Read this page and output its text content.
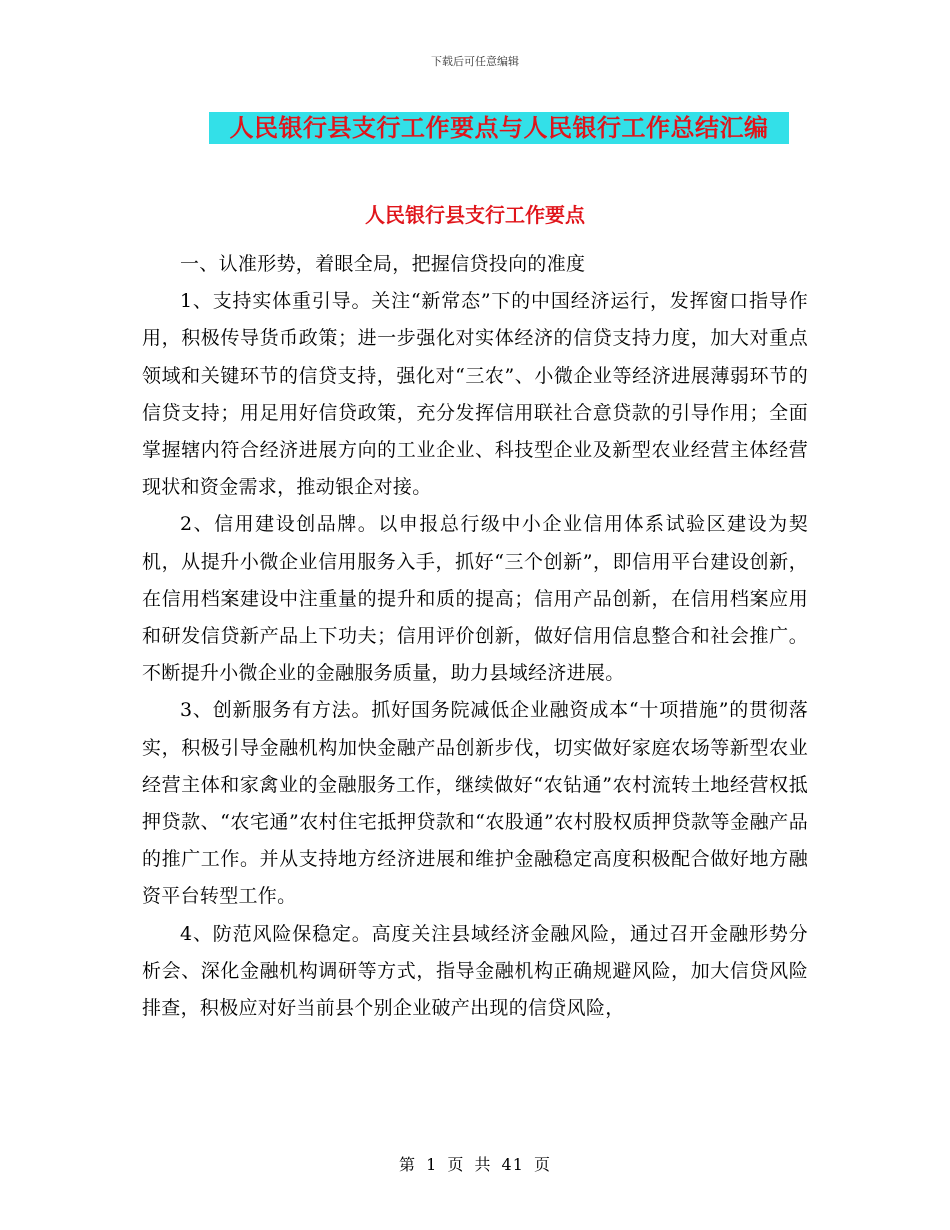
下载后可任意编辑
人民银行县支行工作要点与人民银行工作总结汇编
人民银行县支行工作要点

一、认准形势，着眼全局，把握信贷投向的准度

1、支持实体重引导。关注“新常态”下的中国经济运行，发挥窗口指导作用，积极传导货币政策；进一步强化对实体经济的信贷支持力度，加大对重点领域和关键环节的信贷支持，强化对“三农”、小微企业等经济进展薄弱环节的信贷支持；用足用好信贷政策，充分发挥信用联社合意贷款的引导作用；全面掌握辖内符合经济进展方向的工业企业、科技型企业及新型农业经营主体经营现状和资金需求，推动银企对接。

2、信用建设创品牌。以申报总行级中小企业信用体系试验区建设为契机，从提升小微企业信用服务入手，抓好“三个创新”，即信用平台建设创新，在信用档案建设中注重量的提升和质的提高；信用产品创新，在信用档案应用和研发信贷新产品上下功夫；信用评价创新，做好信用信息整合和社会推广。不断提升小微企业的金融服务质量，助力县域经济进展。

3、创新服务有方法。抓好国务院减低企业融资成本“十项措施”的贯彻落实，积极引导金融机构加快金融产品创新步伐，切实做好家庭农场等新型农业经营主体和家禽业的金融服务工作，继续做好“农钻通”农村流转土地经营权抵押贷款、“农宅通”农村住宅抵押贷款和“农股通”农村股权质押贷款等金融产品的推广工作。并从支持地方经济进展和维护金融稳定高度积极配合做好地方融资平台转型工作。

4、防范风险保稳定。高度关注县域经济金融风险，通过召开金融形势分析会、深化金融机构调研等方式，指导金融机构正确规避风险，加大信贷风险排查，积极应对好当前县个别企业破产出现的信贷风险，

第 1 页 共 41 页
